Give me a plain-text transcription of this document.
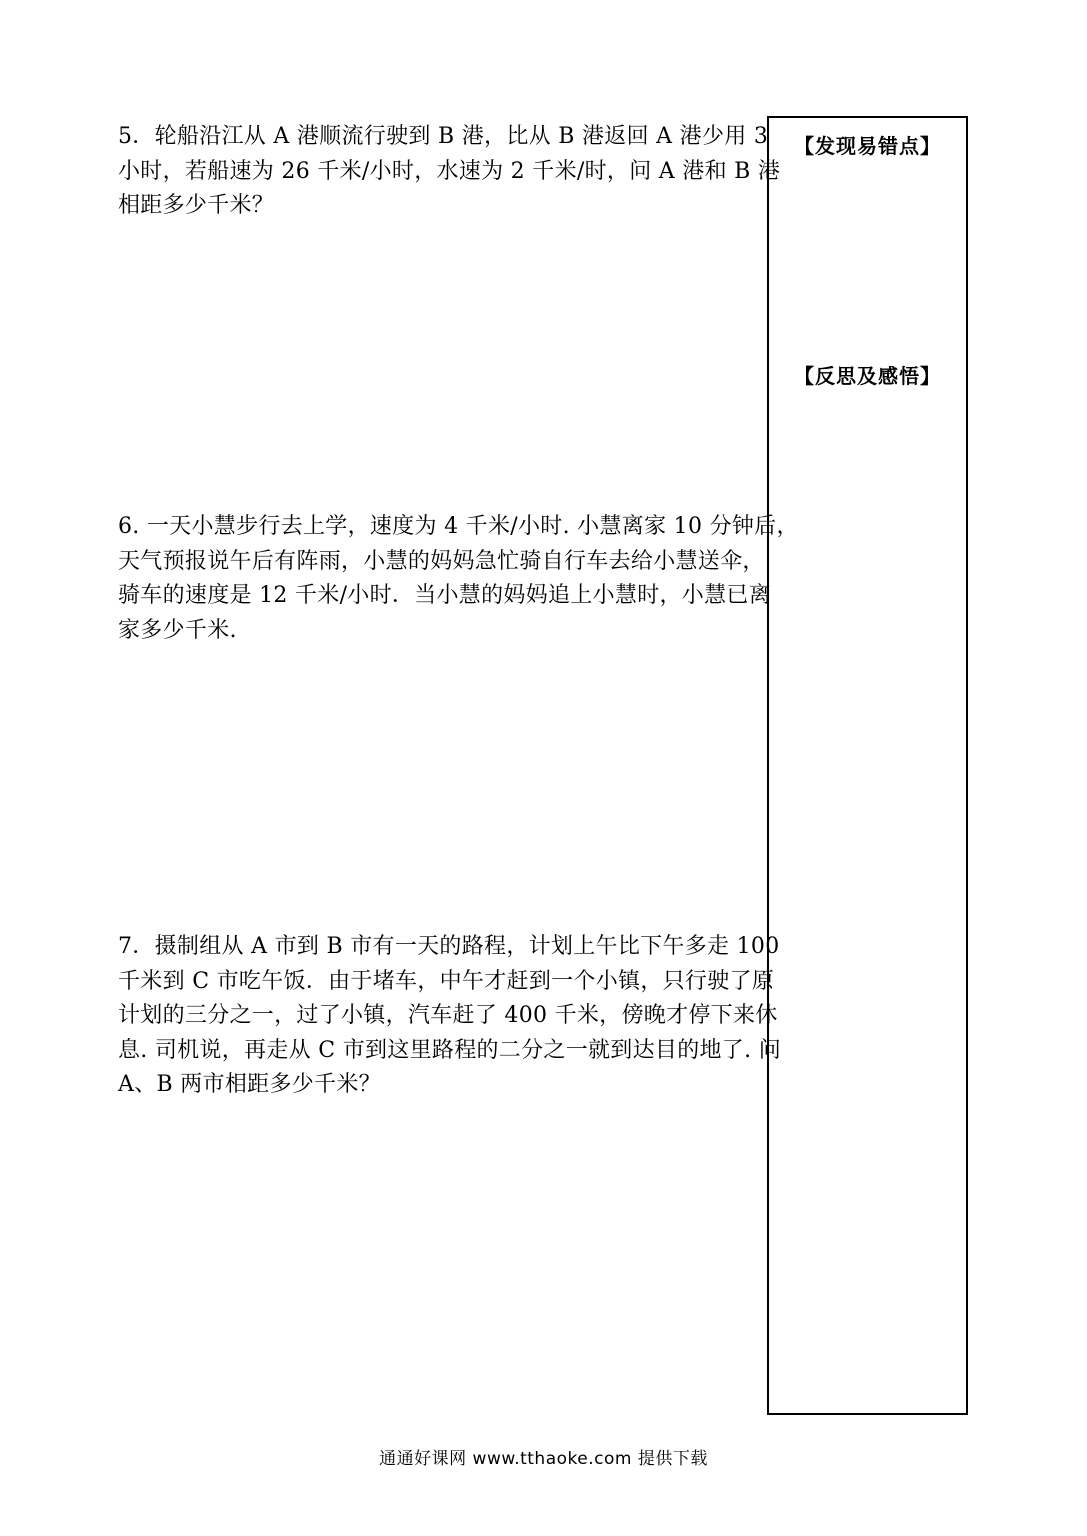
5．轮船沿江从 A 港顺流行驶到 B 港，比从 B 港返回 A 港少用 3

小时，若船速为 26 千米/小时，水速为 2 千米/时，问 A 港和 B 港

相距多少千米？

6. 一天小慧步行去上学，速度为 4 千米/小时. 小慧离家 10 分钟后，

天气预报说午后有阵雨，小慧的妈妈急忙骑自行车去给小慧送伞，

骑车的速度是 12 千米/小时．当小慧的妈妈追上小慧时，小慧已离

家多少千米.

7．摄制组从 A 市到 B 市有一天的路程，计划上午比下午多走 100

千米到 C 市吃午饭．由于堵车，中午才赶到一个小镇，只行驶了原

计划的三分之一，过了小镇，汽车赶了 400 千米，傍晚才停下来休

息. 司机说，再走从 C 市到这里路程的二分之一就到达目的地了. 问

A、B 两市相距多少千米？

【发现易错点】
【反思及感悟】
通通好课网 www.tthaoke.com 提供下载
